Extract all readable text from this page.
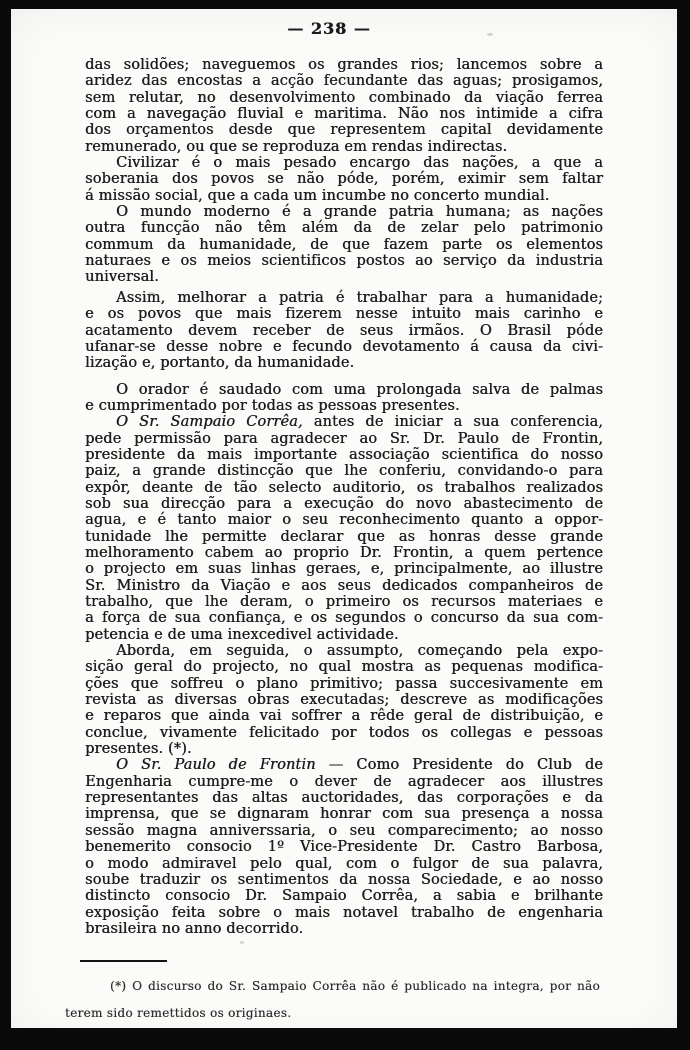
— 238 —
das solidões; naveguemos os grandes rios; lancemos sobre a
aridez das encostas a acção fecundante das aguas; prosigamos,
sem relutar, no desenvolvimento combinado da viação ferrea
com a navegação fluvial e maritima. Não nos intimide a cifra
dos orçamentos desde que representem capital devidamente
remunerado, ou que se reproduza em rendas indirectas.
Civilizar é o mais pesado encargo das nações, a que a
soberania dos povos se não póde, porém, eximir sem faltar
á missão social, que a cada um incumbe no concerto mundial.
O mundo moderno é a grande patria humana; as nações
outra funcção não têm além da de zelar pelo patrimonio
commum da humanidade, de que fazem parte os elementos
naturaes e os meios scientificos postos ao serviço da industria
universal.
Assim, melhorar a patria é trabalhar para a humanidade;
e os povos que mais fizerem nesse intuito mais carinho e
acatamento devem receber de seus irmãos. O Brasil póde
ufanar-se desse nobre e fecundo devotamento á causa da civi-
lização e, portanto, da humanidade.
O orador é saudado com uma prolongada salva de palmas
e cumprimentado por todas as pessoas presentes.
O Sr. Sampaio Corrêa, antes de iniciar a sua conferencia,
pede permissão para agradecer ao Sr. Dr. Paulo de Frontin,
presidente da mais importante associação scientifica do nosso
paiz, a grande distincção que lhe conferiu, convidando-o para
expôr, deante de tão selecto auditorio, os trabalhos realizados
sob sua direcção para a execução do novo abastecimento de
agua, e é tanto maior o seu reconhecimento quanto a oppor-
tunidade lhe permitte declarar que as honras desse grande
melhoramento cabem ao proprio Dr. Frontin, a quem pertence
o projecto em suas linhas geraes, e, principalmente, ao illustre
Sr. Ministro da Viação e aos seus dedicados companheiros de
trabalho, que lhe deram, o primeiro os recursos materiaes e
a força de sua confiança, e os segundos o concurso da sua com-
petencia e de uma inexcedivel actividade.
Aborda, em seguida, o assumpto, começando pela expo-
sição geral do projecto, no qual mostra as pequenas modifica-
ções que soffreu o plano primitivo; passa succesivamente em
revista as diversas obras executadas; descreve as modificações
e reparos que ainda vai soffrer a rêde geral de distribuição, e
conclue, vivamente felicitado por todos os collegas e pessoas
presentes. (*).
O Sr. Paulo de Frontin — Como Presidente do Club de
Engenharia cumpre-me o dever de agradecer aos illustres
representantes das altas auctoridades, das corporações e da
imprensa, que se dignaram honrar com sua presença a nossa
sessão magna anniverssaria, o seu comparecimento; ao nosso
benemerito consocio 1º Vice-Presidente Dr. Castro Barbosa,
o modo admiravel pelo qual, com o fulgor de sua palavra,
soube traduzir os sentimentos da nossa Sociedade, e ao nosso
distincto consocio Dr. Sampaio Corrêa, a sabia e brilhante
exposição feita sobre o mais notavel trabalho de engenharia
brasileira no anno decorrido.
(*) O discurso do Sr. Sampaio Corrêa não é publicado na integra, por não
terem sido remettidos os originaes.
